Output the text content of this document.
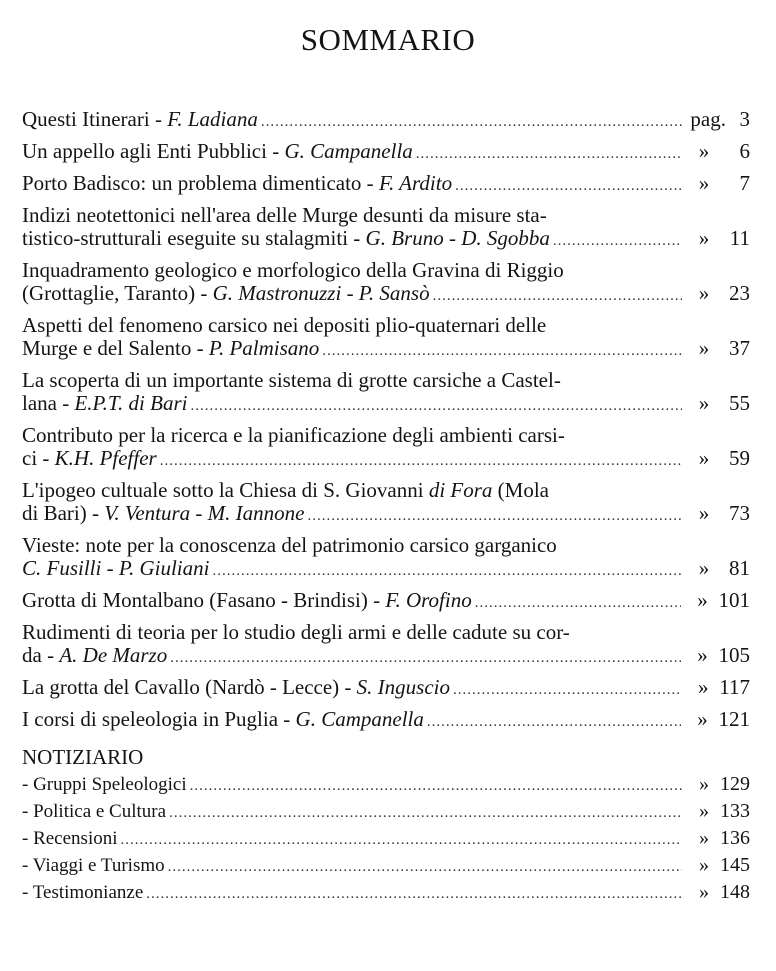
SOMMARIO
Questi Itinerari - F. Ladiana .....	pag. 3
Un appello agli Enti Pubblici - G. Campanella .....	»	6
Porto Badisco: un problema dimenticato - F. Ardito .....	»	7
Indizi neotettonici nell'area delle Murge desunti da misure sta-
tistico-strutturali eseguite su stalagmiti - G. Bruno - D. Sgobba .....	» 11
Inquadramento geologico e morfologico della Gravina di Riggio
(Grottaglie, Taranto) - G. Mastronuzzi - P. Sansò .....	» 23
Aspetti del fenomeno carsico nei depositi plio-quaternari delle
Murge e del Salento - P. Palmisano .....	» 37
La scoperta di un importante sistema di grotte carsiche a Castel-
lana - E.P.T. di Bari .....	» 55
Contributo per la ricerca e la pianificazione degli ambienti carsi-
ci - K.H. Pfeffer .....	» 59
L'ipogeo cultuale sotto la Chiesa di S. Giovanni di Fora (Mola
di Bari) - V. Ventura - M. Iannone .....	» 73
Vieste: note per la conoscenza del patrimonio carsico garganico
C. Fusilli - P. Giuliani .....	» 81
Grotta di Montalbano (Fasano - Brindisi) - F. Orofino .....	» 101
Rudimenti di teoria per lo studio degli armi e delle cadute su cor-
da - A. De Marzo .....	» 105
La grotta del Cavallo (Nardò - Lecce) - S. Inguscio .....	» 117
I corsi di speleologia in Puglia - G. Campanella .....	» 121
NOTIZIARIO
- Gruppi Speleologici .....	» 129
- Politica e Cultura .....	» 133
- Recensioni .....	» 136
- Viaggi e Turismo .....	» 145
- Testimonianze .....	» 148
